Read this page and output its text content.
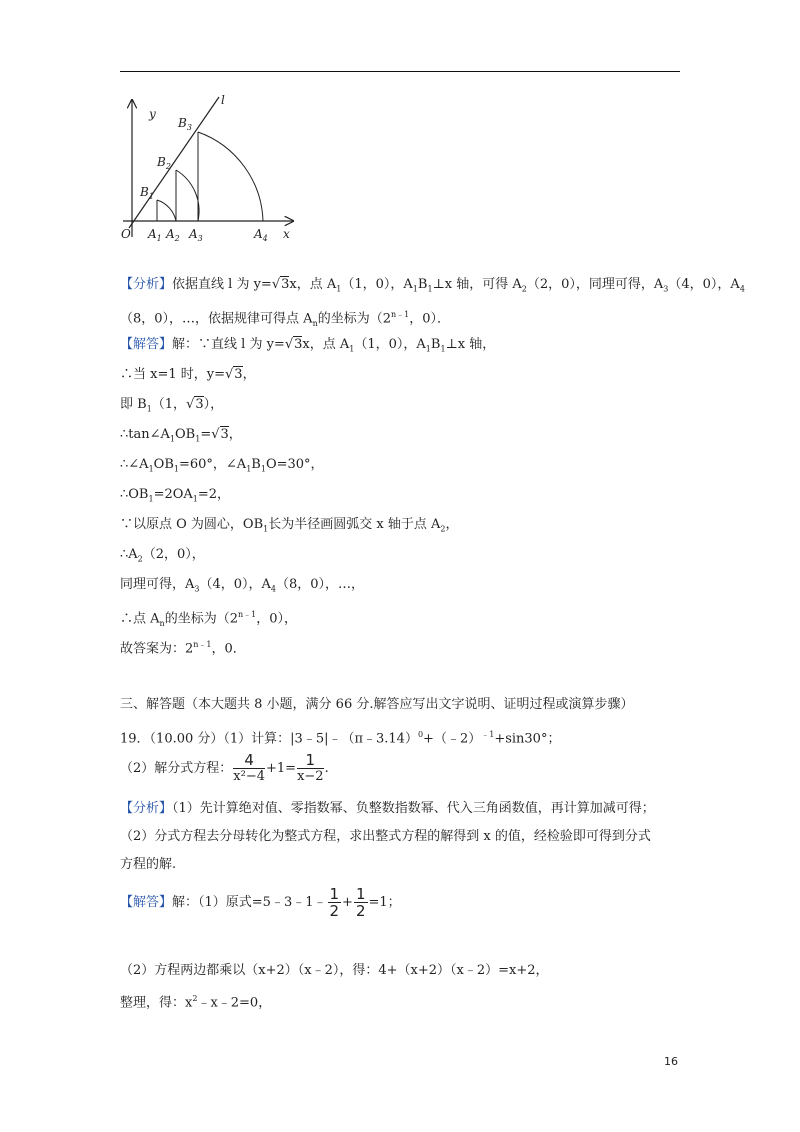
y
l
x
O
$B_3$
$B_2$
$B_1$
$A_1$ $A_2$ $A_3$	$A_4$
【分析】依据直线 l 为 y=√3x，点 $A_1(1$，0），$A_1B_1\perp x$ 轴，可得 $A_2(2$，0），同理可得，$A_3(4$，0），$A_4$
（8，0），…，依据规律可得点 $A_n$的坐标为（$2^{n﹣1}$，0）．
【解答】解：∵直线 l 为 y=√3x，点 $A_1(1$，0），$A_1B_1\perp x$ 轴，
∴当 x=1 时，y=√3，
即 $B_1(1$，√3），
$\therefore\tan\angle A_1OB_1=√3$，
$\therefore\angle A_1OB_1=60^\circ$，$\angle A_1B_1O=30^\circ$，
$\therefore OB_1=2OA_1=2$，
∵以原点 O 为圆心，$OB_1$长为半径画圆弧交 x 轴于点 $A_2$，
$\therefore A_2(2$，0），
同理可得，$A_3(4$，0），$A_4(8$，0），…，
∴点 $A_n$的坐标为（$2^{n﹣1}$，0），
故答案为：$2^{n﹣1}$，0．
三、解答题（本大题共 8 小题，满分 66 分.解答应写出文字说明、证明过程或演算步骤）
19．（10.00 分）（1）计算：|3﹣5|﹣（π﹣3.14）$^0$+（﹣2）$^{﹣1}$+sin30°；
（2）解分式方程： $\frac{4}{\text{x²−4}} +1= \frac{1}{x-2}$ .
【分析】（1）先计算绝对值、零指数幂、负整数指数幂、代入三角函数值，再计算加减可得；
（2）分式方程去分母转化为整式方程，求出整式方程的解得到 x 的值，经检验即可得到分式
方程的解.
【解答】解：（1）原式=5﹣3﹣1﹣ $\frac{1}{2} + \frac{1}{2} =1$；
（2）方程两边都乘以（x+2）（x﹣2），得：4+（x+2）（x﹣2）=x+2，
整理，得：$x^2﹣x﹣2=0$，
16
